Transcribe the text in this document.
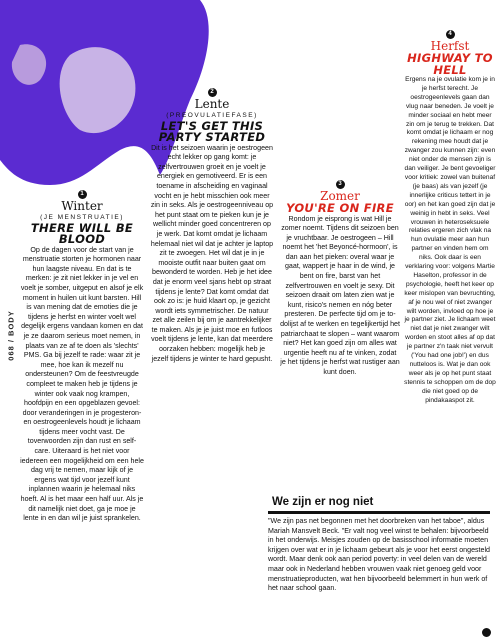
068 / BODY
1

Winter

(JE MENSTRUATIE)

THERE WILL BE BLOOD

Op de dagen voor de start van je menstruatie storten je hormonen naar hun laagste niveau. En dat is te merken: je zit niet lekker in je vel en voelt je somber, uitgeput en alsof je elk moment in huilen uit kunt barsten. Hill is van mening dat de emoties die je tijdens je herfst en winter voelt wel degelijk ergens vandaan komen en dat je ze daarom serieus moet nemen, in plaats van ze af te doen als 'slechts' PMS. Ga bij jezelf te rade: waar zit je mee, hoe kan ik mezelf nu ondersteunen? Om de feestvreugde compleet te maken heb je tijdens je winter ook vaak nog krampen, hoofdpijn en een opgeblazen gevoel: door veranderingen in je progesteron- en oestrogeenlevels houdt je lichaam tijdens meer vocht vast. De toverwoorden zijn dan rust en self-care. Uiteraard is het niet voor iedereen een mogelijkheid om een hele dag vrij te nemen, maar kijk of je ergens wat tijd voor jezelf kunt inplannen waarin je helemaal niks hoeft. Al is het maar een half uur. Als je dit namelijk niet doet, ga je moe je lente in en dan wil je juist sprankelen.

2

Lente

(PREOVULATIEFASE)

LET'S GET THIS PARTY STARTED

Dit is het seizoen waarin je oestrogeen echt lekker op gang komt: je zelfvertrouwen groeit en je voelt je energiek en gemotiveerd. Er is een toename in afscheiding en vaginaal vocht en je hebt misschien ook meer zin in seks. Als je oestrogeenniveau op het punt staat om te pieken kun je je wellicht minder goed concentreren op je werk. Dat komt omdat je lichaam helemaal niet wil dat je achter je laptop zit te zwoegen. Het wil dat je in je mooiste outfit naar buiten gaat om bewonderd te worden. Heb je het idee dat je enorm veel sjans hebt op straat tijdens je lente? Dat komt omdat dat ook zo is: je huid klaart op, je gezicht wordt iets symmetrischer. De natuur zet alle zeilen bij om je aantrekkelijker te maken. Als je je juist moe en futloos voelt tijdens je lente, kan dat meerdere oorzaken hebben: mogelijk heb je jezelf tijdens je winter te hard gepusht.

3

Zomer

YOU'RE ON FIRE

Rondom je eisprong is wat Hill je zomer noemt. Tijdens dit seizoen ben je vruchtbaar. Je oestrogeen – Hill noemt het 'het Beyoncé-hormoon', is dan aan het pieken: overal waar je gaat, wappert je haar in de wind, je bent on fire, barst van het zelfvertrouwen en voelt je sexy. Dit seizoen draait om laten zien wat je kunt, risico's nemen en nóg beter presteren. De perfecte tijd om je to-dolijst af te werken en tegelijkertijd het patriarchaat te slopen – want waarom niet? Het kan goed zijn om alles wat urgentie heeft nu af te vinken, zodat je het tijdens je herfst wat rustiger aan kunt doen.

4

Herfst

HIGHWAY TO HELL

Ergens na je ovulatie kom je in je herfst terecht. Je oestrogeenlevels gaan dan vlug naar beneden. Je voelt je minder sociaal en hebt meer zin om je terug te trekken. Dat komt omdat je lichaam er nog rekening mee houdt dat je zwanger zou kunnen zijn: even niet onder de mensen zijn is dan veiliger. Je bent gevoeliger voor kritiek: zowel van buitenaf (je baas) als van jezelf (je innerlijke criticus tettert in je oor) en het kan goed zijn dat je weinig in hebt in seks. Veel vrouwen in heteroseksuele relaties ergeren zich vlak na hun ovulatie meer aan hun partner en vinden hem om niks. Ook daar is een verklaring voor: volgens Martie Haselton, professor in de psychologie, heeft het keer op keer mislopen van bevruchting, af je nou wel of niet zwanger wilt worden, invloed op hoe je je partner ziet. Je lichaam weet niet dat je niet zwanger wilt worden en stoot alles af op dat je partner z'n taak niet vervult ('You had one job!') en dus nutteloos is. Wat je dan ook weer als je op het punt staat stennis te schoppen om de dop die niet goed op de pindakaaspot zit.

We zijn er nog niet

"We zijn pas net begonnen met het doorbreken van het taboe", aldus Mariah Mansvelt Beck. "Er valt nog veel winst te behalen: bijvoorbeeld in het onderwijs. Meisjes zouden op de basisschool informatie moeten krijgen over wat er in je lichaam gebeurt als je voor het eerst ongesteld wordt. Maar denk ook aan period poverty: in veel delen van de wereld maar ook in Nederland hebben vrouwen vaak niet genoeg geld voor menstruatieproducten, wat hen bijvoorbeeld belemmert in hun werk of het naar school gaan.
